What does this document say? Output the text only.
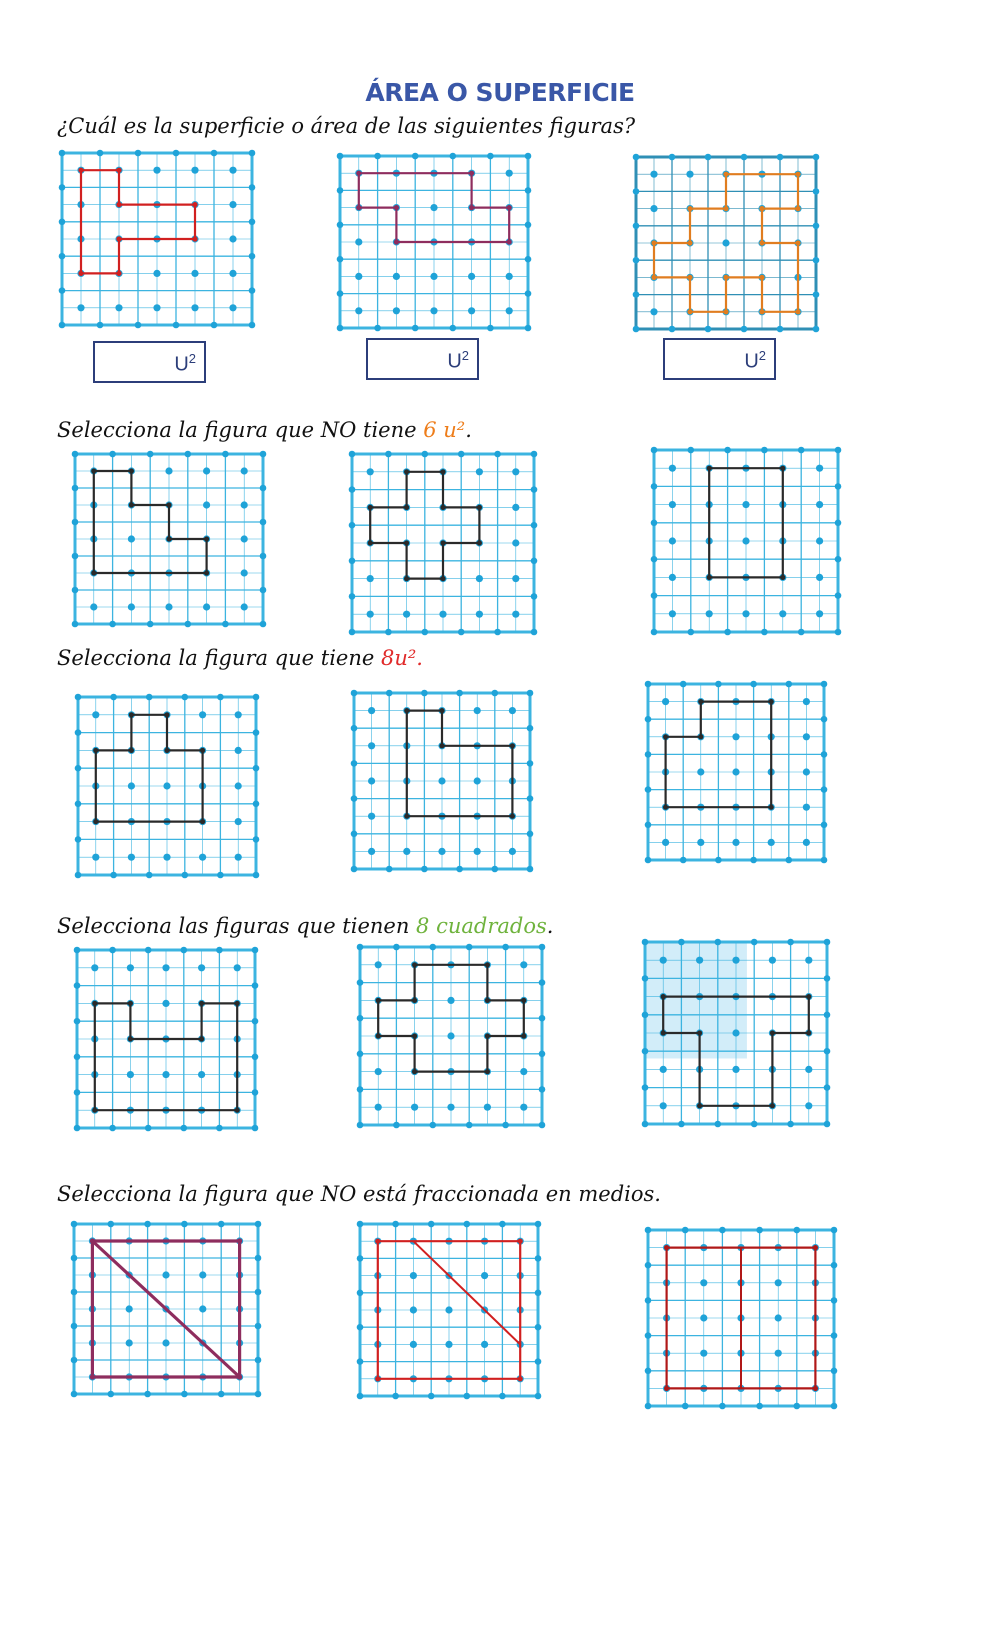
ÁREA O SUPERFICIE
¿Cuál es la superficie o área de las siguientes figuras?
Selecciona la figura que NO tiene 6 u².
Selecciona la figura que tiene 8u².
Selecciona las figuras que tienen 8 cuadrados.
Selecciona la figura que NO está fraccionada en medios.
$U^2$	$U^2$	$U^2$
